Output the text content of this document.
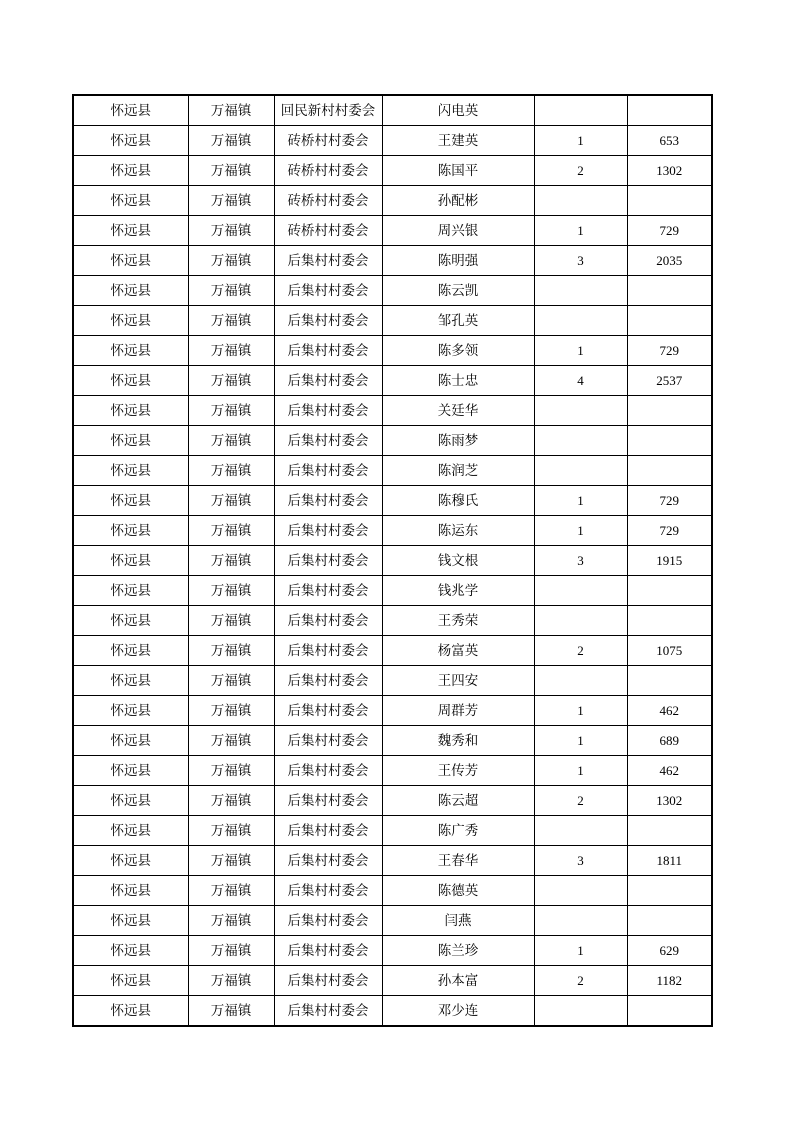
怀远县	万福镇	回民新村村委会	闪电英		
怀远县	万福镇	砖桥村村委会	王建英	1	653
怀远县	万福镇	砖桥村村委会	陈国平	2	1302
怀远县	万福镇	砖桥村村委会	孙配彬		
怀远县	万福镇	砖桥村村委会	周兴银	1	729
怀远县	万福镇	后集村村委会	陈明强	3	2035
怀远县	万福镇	后集村村委会	陈云凯		
怀远县	万福镇	后集村村委会	邹孔英		
怀远县	万福镇	后集村村委会	陈多领	1	729
怀远县	万福镇	后集村村委会	陈士忠	4	2537
怀远县	万福镇	后集村村委会	关廷华		
怀远县	万福镇	后集村村委会	陈雨梦		
怀远县	万福镇	后集村村委会	陈润芝		
怀远县	万福镇	后集村村委会	陈穆氏	1	729
怀远县	万福镇	后集村村委会	陈运东	1	729
怀远县	万福镇	后集村村委会	钱文根	3	1915
怀远县	万福镇	后集村村委会	钱兆学		
怀远县	万福镇	后集村村委会	王秀荣		
怀远县	万福镇	后集村村委会	杨富英	2	1075
怀远县	万福镇	后集村村委会	王四安		
怀远县	万福镇	后集村村委会	周群芳	1	462
怀远县	万福镇	后集村村委会	魏秀和	1	689
怀远县	万福镇	后集村村委会	王传芳	1	462
怀远县	万福镇	后集村村委会	陈云超	2	1302
怀远县	万福镇	后集村村委会	陈广秀		
怀远县	万福镇	后集村村委会	王春华	3	1811
怀远县	万福镇	后集村村委会	陈德英		
怀远县	万福镇	后集村村委会	闫燕		
怀远县	万福镇	后集村村委会	陈兰珍	1	629
怀远县	万福镇	后集村村委会	孙本富	2	1182
怀远县	万福镇	后集村村委会	邓少连		
